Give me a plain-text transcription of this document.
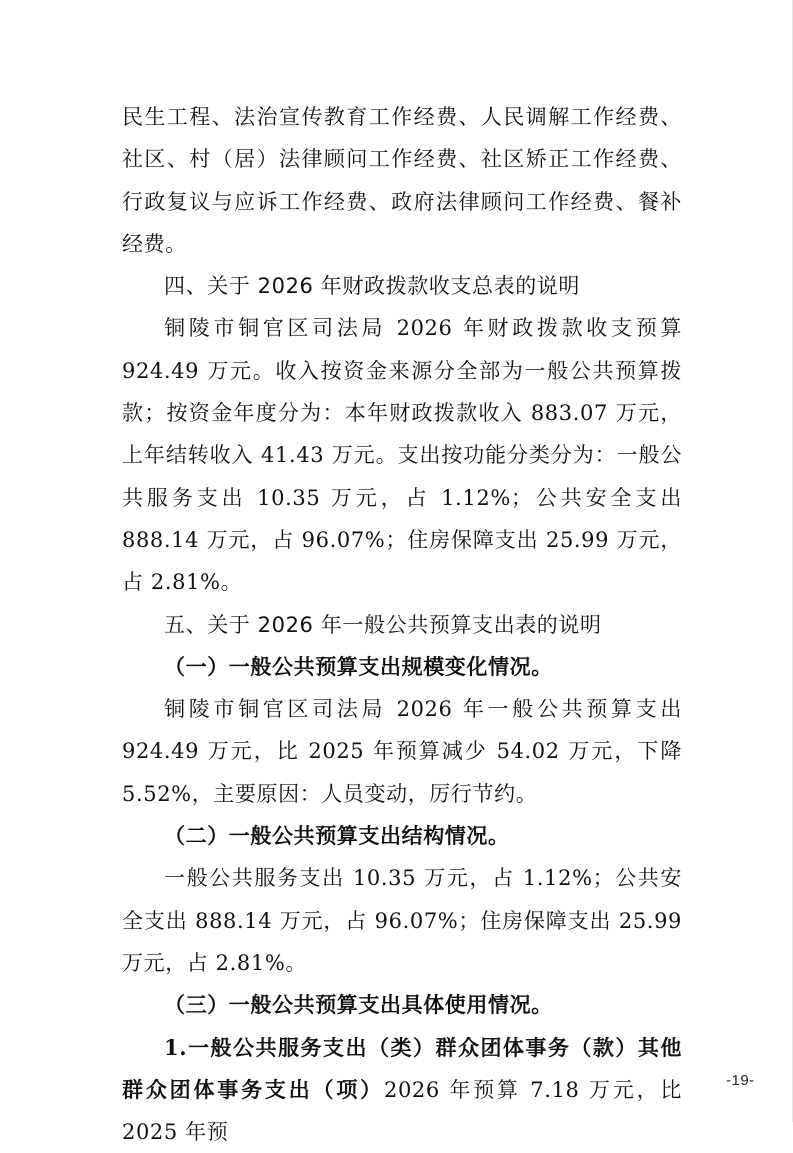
民生工程、法治宣传教育工作经费、人民调解工作经费、社区、村（居）法律顾问工作经费、社区矫正工作经费、行政复议与应诉工作经费、政府法律顾问工作经费、餐补经费。

四、关于 2026 年财政拨款收支总表的说明

铜陵市铜官区司法局 2026 年财政拨款收支预算 924.49 万元。收入按资金来源分全部为一般公共预算拨款；按资金年度分为：本年财政拨款收入 883.07 万元，上年结转收入 41.43 万元。支出按功能分类分为：一般公共服务支出 10.35 万元，占 1.12%；公共安全支出 888.14 万元，占 96.07%；住房保障支出 25.99 万元，占 2.81%。

五、关于 2026 年一般公共预算支出表的说明

（一）一般公共预算支出规模变化情况。

铜陵市铜官区司法局 2026 年一般公共预算支出 924.49 万元，比 2025 年预算减少 54.02 万元，下降 5.52%，主要原因：人员变动，厉行节约。

（二）一般公共预算支出结构情况。

一般公共服务支出 10.35 万元，占 1.12%；公共安全支出 888.14 万元，占 96.07%；住房保障支出 25.99 万元，占 2.81%。

（三）一般公共预算支出具体使用情况。

1.一般公共服务支出（类）群众团体事务（款）其他群众团体事务支出（项）2026 年预算 7.18 万元，比 2025 年预

-19-
